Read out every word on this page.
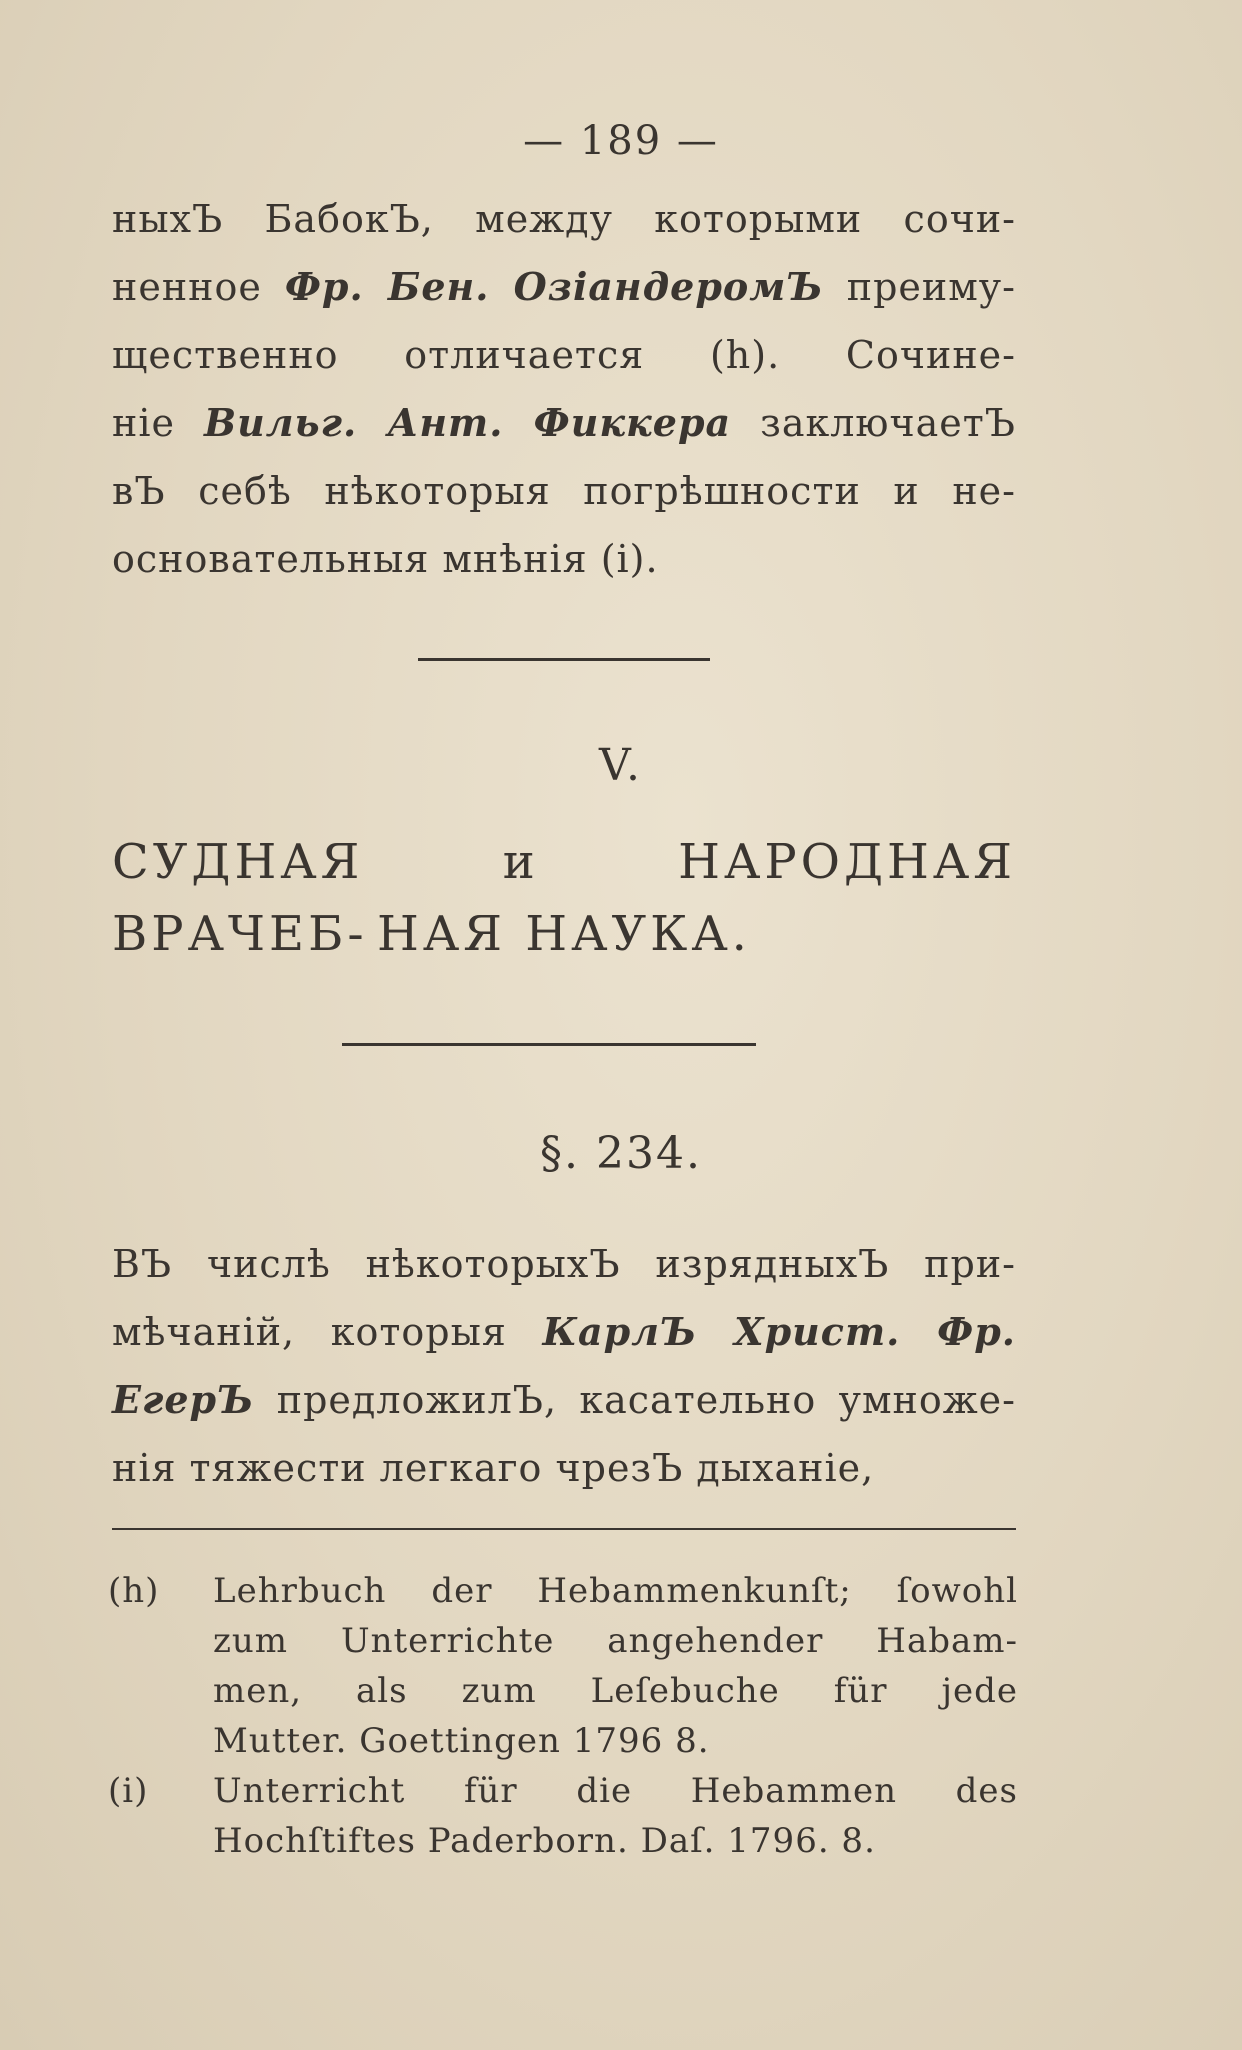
— 189 —
ныхЪ БабокЪ, между которыми сочи-
ненное Фр. Бен. ОзіандеромЪ преиму-
щественно отличается (h). Сочине-
ніе Вильг. Ант. Фиккера заключаетЪ
вЪ себѣ нѣкоторыя погрѣшности и не-
основательныя мнѣнія (i).
V.
СУДНАЯ и НАРОДНАЯ ВРАЧЕБ- НАЯ НАУКА.
§. 234.
ВЪ числѣ нѣкоторыхЪ изрядныхЪ при-
мѣчаній, которыя КарлЪ Христ. Фр.
ЕгерЪ предложилЪ, касательно умноже-
нія тяжести легкаго чрезЪ дыханіе,
(h)	Lehrbuch der Hebammenkunſt; ſowohl
zum Unterrichte angehender Habam-
men, als zum Leſebuche für jede
Mutter. Goettingen 1796 8.
(i)	Unterricht für die Hebammen des
Hochſtiftes Paderborn. Daſ. 1796. 8.
